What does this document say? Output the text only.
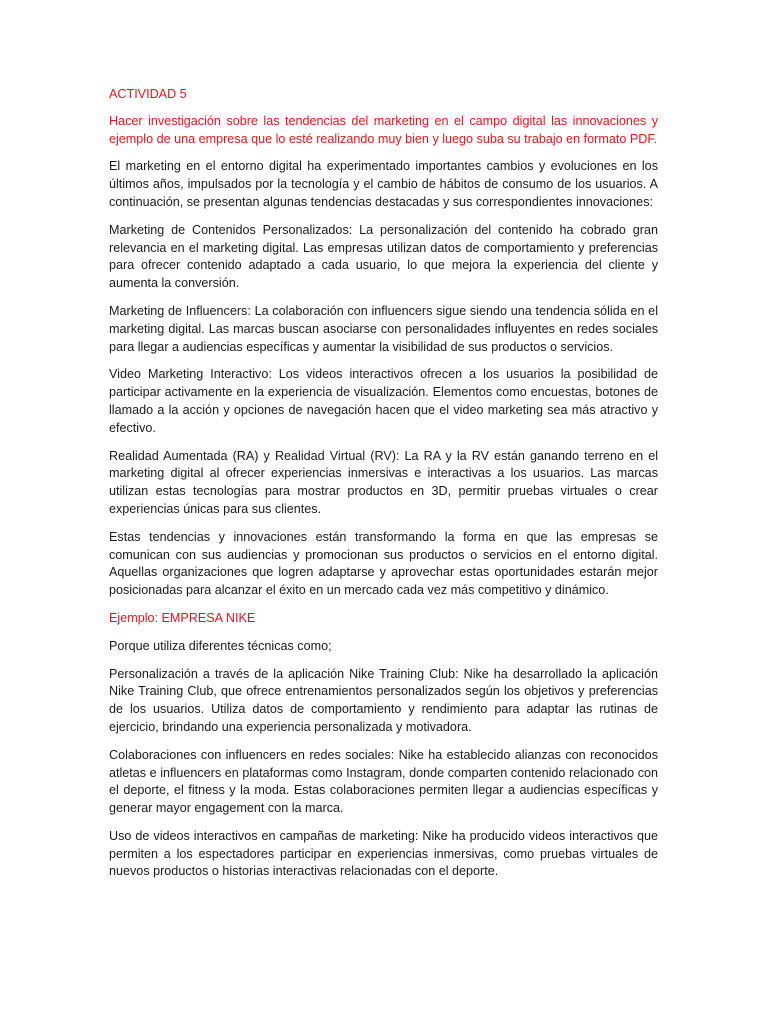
ACTIVIDAD 5

Hacer investigación sobre las tendencias del marketing en el campo digital las innovaciones y ejemplo de una empresa que lo esté realizando muy bien y luego suba su trabajo en formato PDF.

El marketing en el entorno digital ha experimentado importantes cambios y evoluciones en los últimos años, impulsados por la tecnología y el cambio de hábitos de consumo de los usuarios. A continuación, se presentan algunas tendencias destacadas y sus correspondientes innovaciones:

Marketing de Contenidos Personalizados: La personalización del contenido ha cobrado gran relevancia en el marketing digital. Las empresas utilizan datos de comportamiento y preferencias para ofrecer contenido adaptado a cada usuario, lo que mejora la experiencia del cliente y aumenta la conversión.

Marketing de Influencers: La colaboración con influencers sigue siendo una tendencia sólida en el marketing digital. Las marcas buscan asociarse con personalidades influyentes en redes sociales para llegar a audiencias específicas y aumentar la visibilidad de sus productos o servicios.

Video Marketing Interactivo: Los videos interactivos ofrecen a los usuarios la posibilidad de participar activamente en la experiencia de visualización. Elementos como encuestas, botones de llamado a la acción y opciones de navegación hacen que el video marketing sea más atractivo y efectivo.

Realidad Aumentada (RA) y Realidad Virtual (RV): La RA y la RV están ganando terreno en el marketing digital al ofrecer experiencias inmersivas e interactivas a los usuarios. Las marcas utilizan estas tecnologías para mostrar productos en 3D, permitir pruebas virtuales o crear experiencias únicas para sus clientes.

Estas tendencias y innovaciones están transformando la forma en que las empresas se comunican con sus audiencias y promocionan sus productos o servicios en el entorno digital. Aquellas organizaciones que logren adaptarse y aprovechar estas oportunidades estarán mejor posicionadas para alcanzar el éxito en un mercado cada vez más competitivo y dinámico.

Ejemplo: EMPRESA NIKE

Porque utiliza diferentes técnicas como;

Personalización a través de la aplicación Nike Training Club: Nike ha desarrollado la aplicación Nike Training Club, que ofrece entrenamientos personalizados según los objetivos y preferencias de los usuarios. Utiliza datos de comportamiento y rendimiento para adaptar las rutinas de ejercicio, brindando una experiencia personalizada y motivadora.

Colaboraciones con influencers en redes sociales: Nike ha establecido alianzas con reconocidos atletas e influencers en plataformas como Instagram, donde comparten contenido relacionado con el deporte, el fitness y la moda. Estas colaboraciones permiten llegar a audiencias específicas y generar mayor engagement con la marca.

Uso de videos interactivos en campañas de marketing: Nike ha producido videos interactivos que permiten a los espectadores participar en experiencias inmersivas, como pruebas virtuales de nuevos productos o historias interactivas relacionadas con el deporte.
